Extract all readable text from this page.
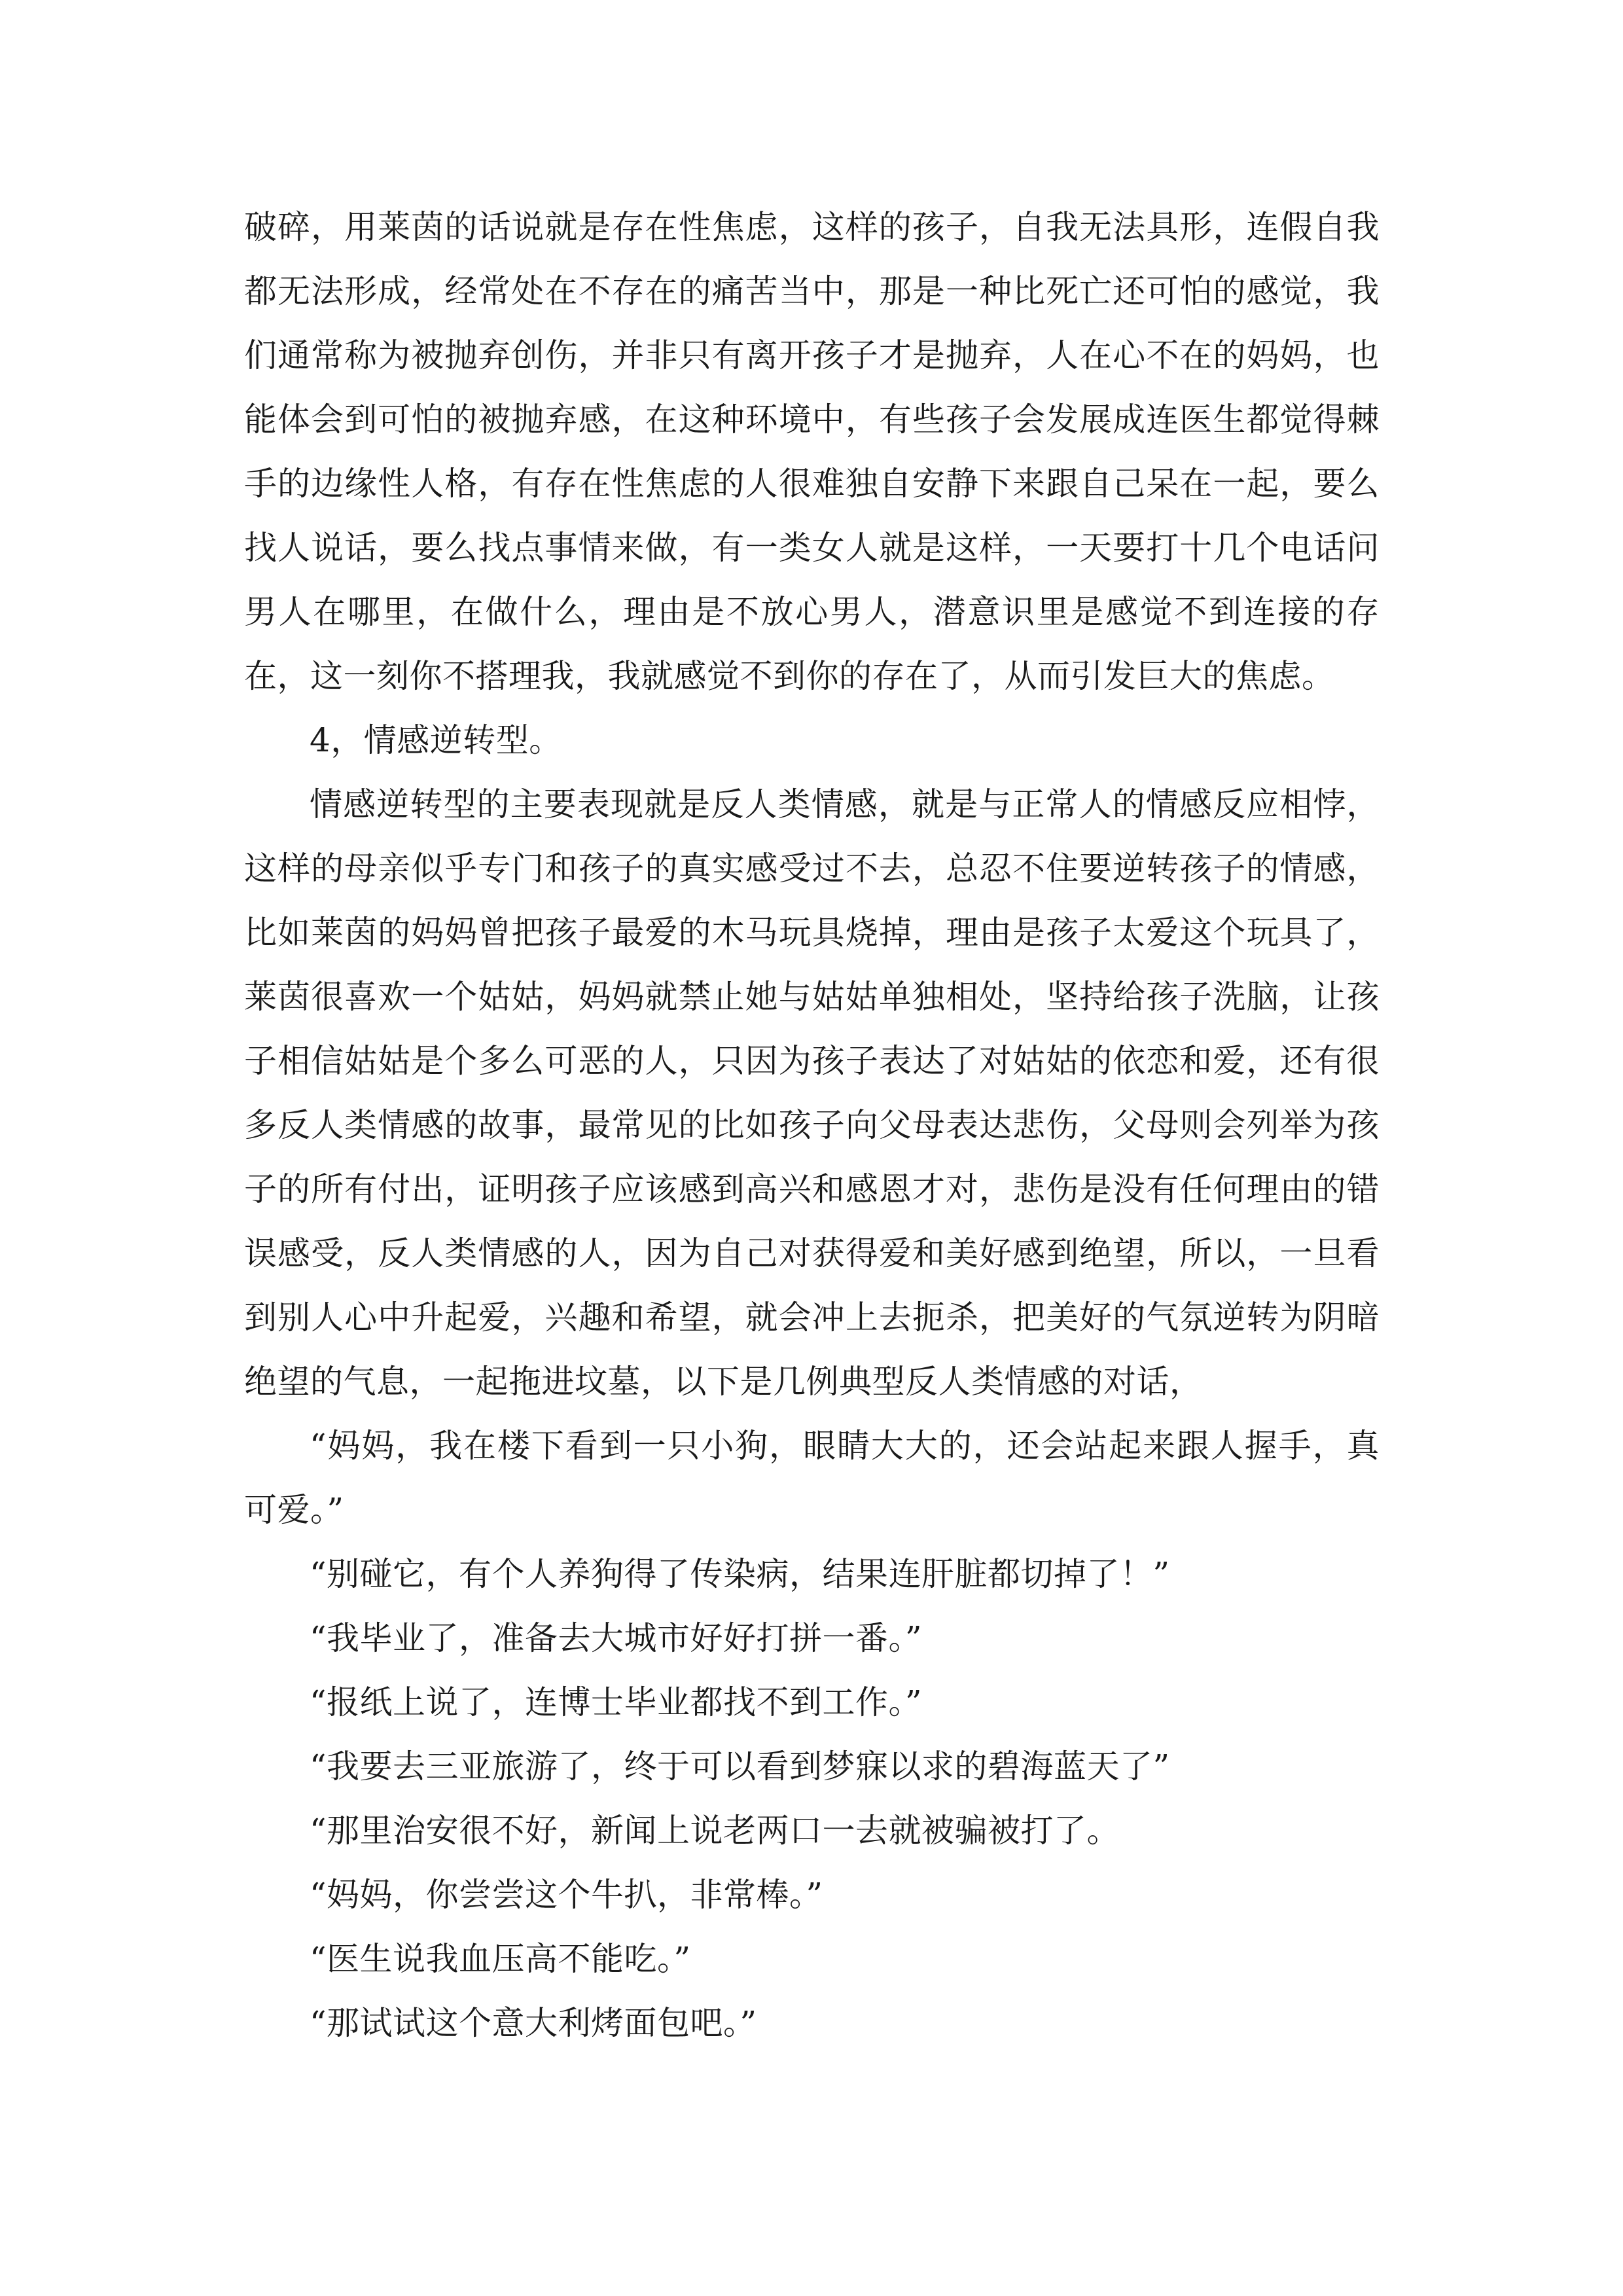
破碎，用莱茵的话说就是存在性焦虑，这样的孩子，自我无法具形，连假自我都无法形成，经常处在不存在的痛苦当中，那是一种比死亡还可怕的感觉，我们通常称为被抛弃创伤，并非只有离开孩子才是抛弃，人在心不在的妈妈，也能体会到可怕的被抛弃感，在这种环境中，有些孩子会发展成连医生都觉得棘手的边缘性人格，有存在性焦虑的人很难独自安静下来跟自己呆在一起，要么找人说话，要么找点事情来做，有一类女人就是这样，一天要打十几个电话问男人在哪里，在做什么，理由是不放心男人，潜意识里是感觉不到连接的存在，这一刻你不搭理我，我就感觉不到你的存在了，从而引发巨大的焦虑。

4，情感逆转型。

情感逆转型的主要表现就是反人类情感，就是与正常人的情感反应相悖，这样的母亲似乎专门和孩子的真实感受过不去，总忍不住要逆转孩子的情感，比如莱茵的妈妈曾把孩子最爱的木马玩具烧掉，理由是孩子太爱这个玩具了，莱茵很喜欢一个姑姑，妈妈就禁止她与姑姑单独相处，坚持给孩子洗脑，让孩子相信姑姑是个多么可恶的人，只因为孩子表达了对姑姑的依恋和爱，还有很多反人类情感的故事，最常见的比如孩子向父母表达悲伤，父母则会列举为孩子的所有付出，证明孩子应该感到高兴和感恩才对，悲伤是没有任何理由的错误感受，反人类情感的人，因为自己对获得爱和美好感到绝望，所以，一旦看到别人心中升起爱，兴趣和希望，就会冲上去扼杀，把美好的气氛逆转为阴暗绝望的气息，一起拖进坟墓，以下是几例典型反人类情感的对话，

“妈妈，我在楼下看到一只小狗，眼睛大大的，还会站起来跟人握手，真可爱。”

“别碰它，有个人养狗得了传染病，结果连肝脏都切掉了！”

“我毕业了，准备去大城市好好打拼一番。”

“报纸上说了，连博士毕业都找不到工作。”

“我要去三亚旅游了，终于可以看到梦寐以求的碧海蓝天了”

“那里治安很不好，新闻上说老两口一去就被骗被打了。

“妈妈，你尝尝这个牛扒，非常棒。”

“医生说我血压高不能吃。”

“那试试这个意大利烤面包吧。”
